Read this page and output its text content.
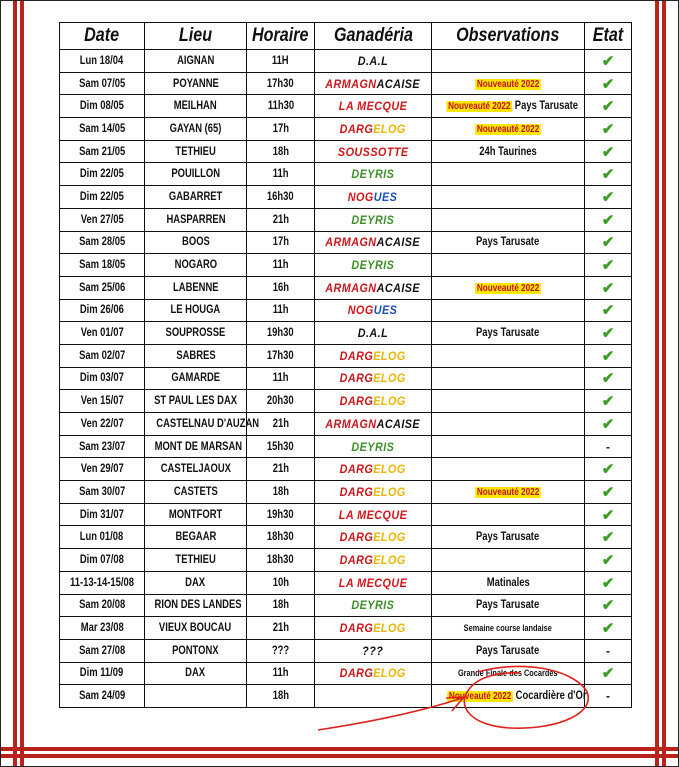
Date	Lieu	Horaire	Ganadéria	Observations	Etat
Lun 18/04	AIGNAN	11H	D.A.L		✔
Sam 07/05	POYANNE	17h30	ARMAGNACAISE	Nouveauté 2022	✔
Dim 08/05	MEILHAN	11h30	LA MECQUE	Nouveauté 2022 Pays Tarusate	✔
Sam 14/05	GAYAN (65)	17h	DARGELOG	Nouveauté 2022	✔
Sam 21/05	TETHIEU	18h	SOUSSOTTE	24h Taurines	✔
Dim 22/05	POUILLON	11h	DEYRIS		✔
Dim 22/05	GABARRET	16h30	NOGUES		✔
Ven 27/05	HASPARREN	21h	DEYRIS		✔
Sam 28/05	BOOS	17h	ARMAGNACAISE	Pays Tarusate	✔
Sam 18/05	NOGARO	11h	DEYRIS		✔
Sam 25/06	LABENNE	16h	ARMAGNACAISE	Nouveauté 2022	✔
Dim 26/06	LE HOUGA	11h	NOGUES		✔
Ven 01/07	SOUPROSSE	19h30	D.A.L	Pays Tarusate	✔
Sam 02/07	SABRES	17h30	DARGELOG		✔
Dim 03/07	GAMARDE	11h	DARGELOG		✔
Ven 15/07	ST PAUL LES DAX	20h30	DARGELOG		✔
Ven 22/07	CASTELNAU D'AUZAN	21h	ARMAGNACAISE		✔
Sam 23/07	MONT DE MARSAN	15h30	DEYRIS		-
Ven 29/07	CASTELJAOUX	21h	DARGELOG		✔
Sam 30/07	CASTETS	18h	DARGELOG	Nouveauté 2022	✔
Dim 31/07	MONTFORT	19h30	LA MECQUE		✔
Lun 01/08	BEGAAR	18h30	DARGELOG	Pays Tarusate	✔
Dim 07/08	TETHIEU	18h30	DARGELOG		✔
11-13-14-15/08	DAX	10h	LA MECQUE	Matinales	✔
Sam 20/08	RION DES LANDES	18h	DEYRIS	Pays Tarusate	✔
Mar 23/08	VIEUX BOUCAU	21h	DARGELOG	Semaine course landaise	✔
Sam 27/08	PONTONX	???	???	Pays Tarusate	-
Dim 11/09	DAX	11h	DARGELOG	Grande Finale des Cocardes	✔
Sam 24/09		18h		Nouveauté 2022 Cocardière d'Or	-
